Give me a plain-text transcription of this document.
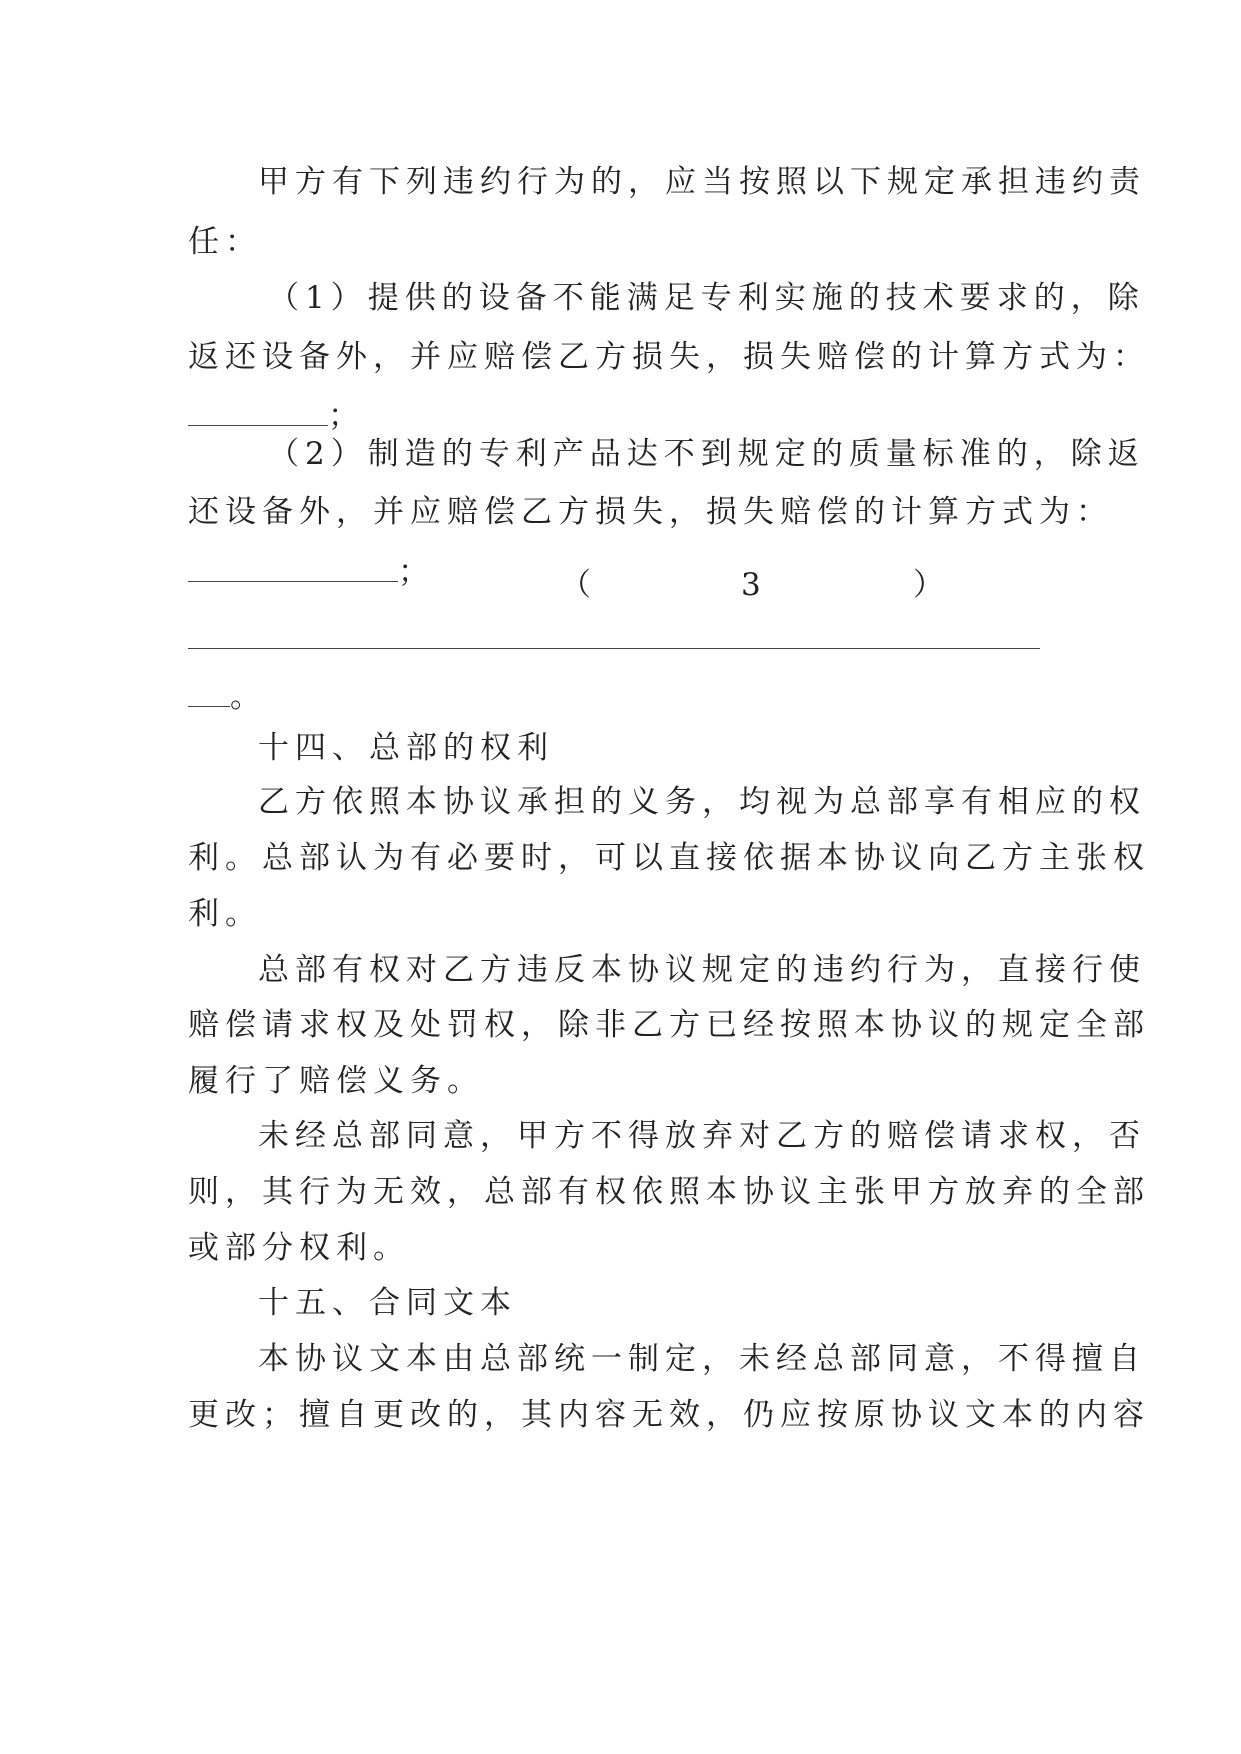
甲方有下列违约行为的，应当按照以下规定承担违约责
任：
（1）提供的设备不能满足专利实施的技术要求的，除
返还设备外，并应赔偿乙方损失，损失赔偿的计算方式为：
；
（2）制造的专利产品达不到规定的质量标准的，除返
还设备外，并应赔偿乙方损失，损失赔偿的计算方式为：
；	（	3	）
。
十四、总部的权利
乙方依照本协议承担的义务，均视为总部享有相应的权
利。总部认为有必要时，可以直接依据本协议向乙方主张权
利。
总部有权对乙方违反本协议规定的违约行为，直接行使
赔偿请求权及处罚权，除非乙方已经按照本协议的规定全部
履行了赔偿义务。
未经总部同意，甲方不得放弃对乙方的赔偿请求权，否
则，其行为无效，总部有权依照本协议主张甲方放弃的全部
或部分权利。
十五、合同文本
本协议文本由总部统一制定，未经总部同意，不得擅自
更改；擅自更改的，其内容无效，仍应按原协议文本的内容
